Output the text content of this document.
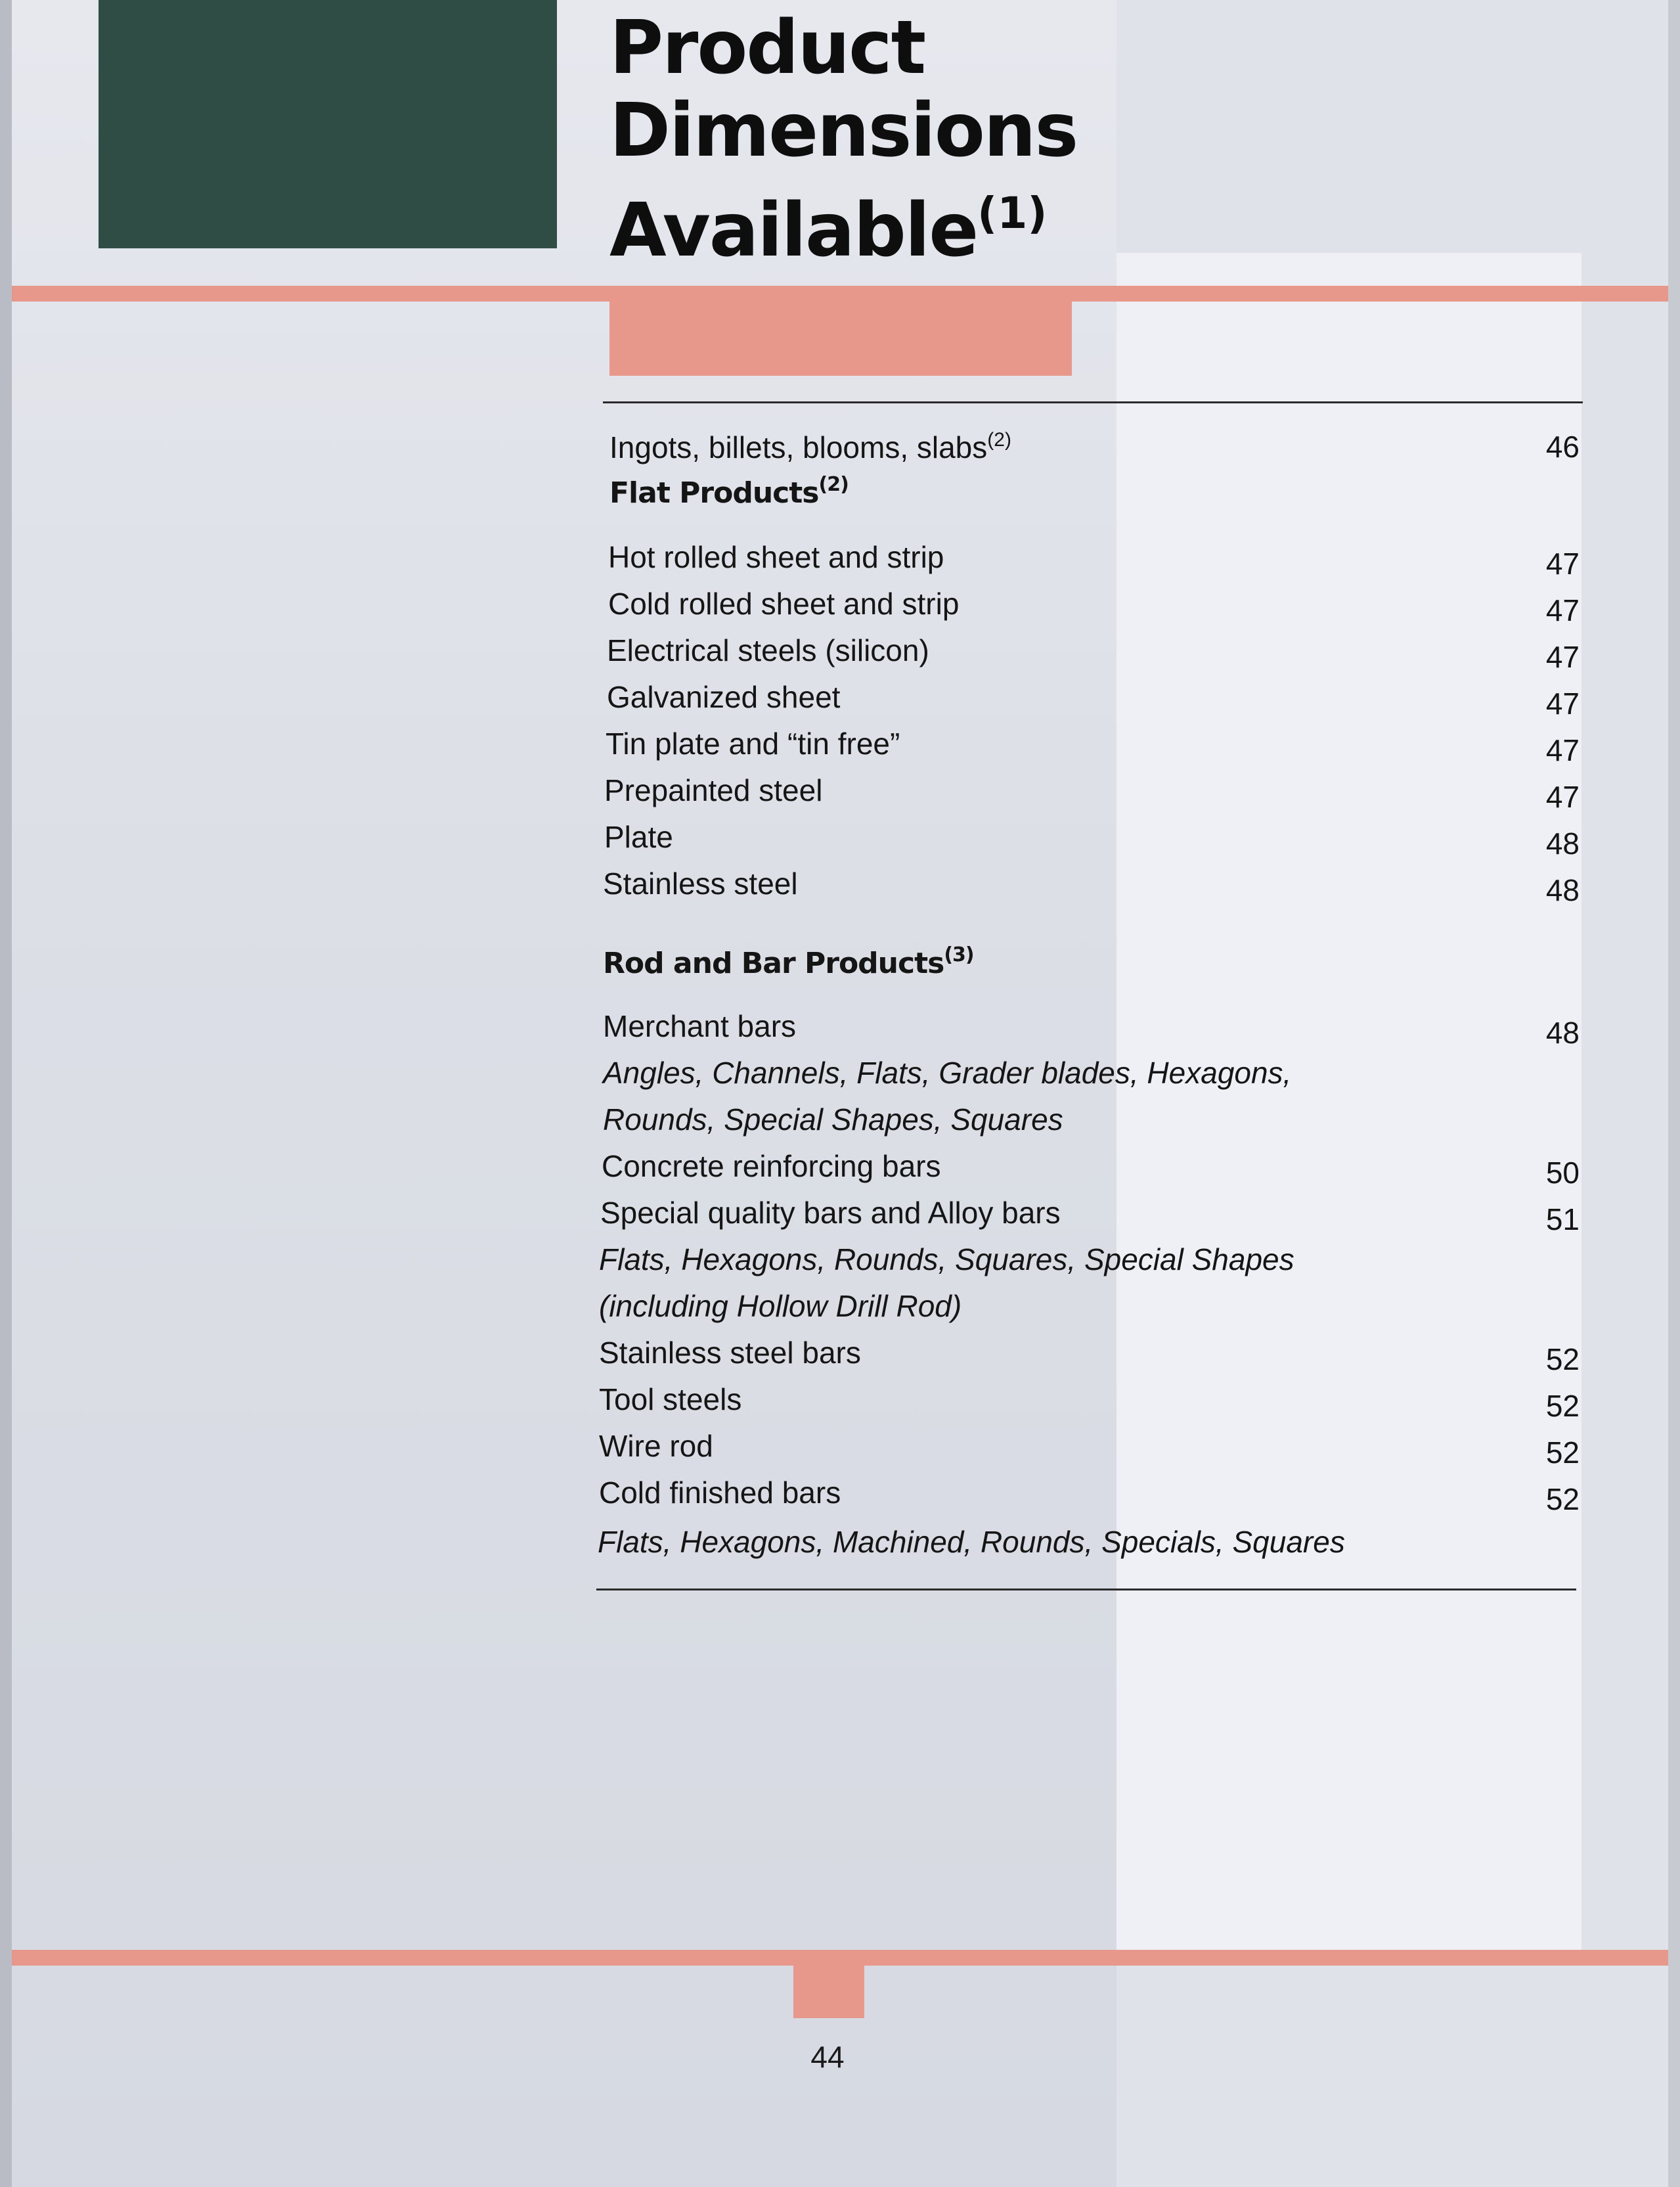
Product
Dimensions
Available$^{(1)}$
Ingots, billets, blooms, slabs$^{(2)}$	46
Flat Products$^{(2)}$
Hot rolled sheet and strip	47
Cold rolled sheet and strip	47
Electrical steels (silicon)	47
Galvanized sheet	47
Tin plate and “tin free”	47
Prepainted steel	47
Plate	48
Stainless steel	48
Rod and Bar Products$^{(3)}$
Merchant bars	48
Angles, Channels, Flats, Grader blades, Hexagons,
Rounds, Special Shapes, Squares
Concrete reinforcing bars	50
Special quality bars and Alloy bars	51
Flats, Hexagons, Rounds, Squares, Special Shapes
(including Hollow Drill Rod)
Stainless steel bars	52
Tool steels	52
Wire rod	52
Cold finished bars	52
Flats, Hexagons, Machined, Rounds, Specials, Squares
44
